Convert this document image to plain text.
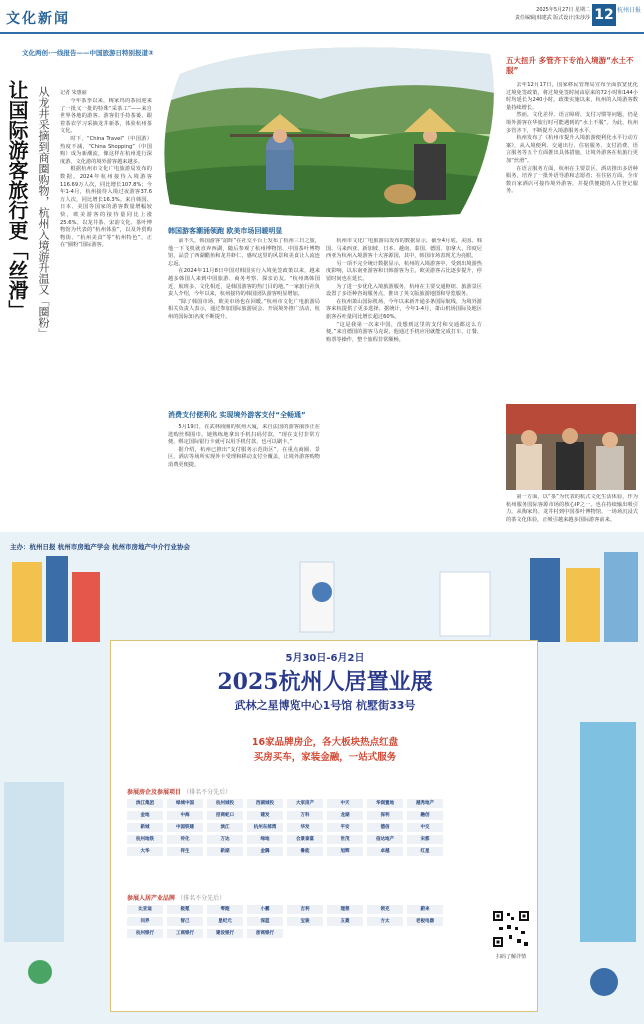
文化新闻
2025年5月27日 星期二
责任编辑|韩建武 版式设计|朱莎莎 12 杭州日报
文化两创·一线报告——中国旅游日特别报道③
让国际游客旅行更「丝滑」 从龙井采摘到商圈购物，杭州入境游升温又「圈粉」 记者 朱惠丽

今年茶季以来，梅家坞的茶园迎来了一批又一批的特殊“采茶工”——来自世界各地的游客。游客们手持茶篓，跟着茶农学习采摘龙井新茶，体验杭州茶文化。

时下，“China Travel”（中国游）热度不减，“China Shopping”（中国购）成为新潮流，像这样在杭州进行深度游、文化游的境外游客越来越多。

根据杭州市文化广电旅游局发布的数据，2024年杭州接待入境游客116.69万人次，同比增长107.8%；今年1-4月，杭州接待入境过夜游客37.6万人次，同比增长16.3%。来自韩国、日本、美国等国家的游客数量增幅较快，欧美游客的接待量同比上涨25.6%。以龙井茶、宋韵文化、茶叶博物馆为代表的“杭州体验”，以及外贸购物街、“杭州美食”等“杭州特色”，正在“圈粉”国际游客。

韩国游客潮涌领跑 欧美市场回暖明显

前不久，韩国游客“韶晖”在社交平台上发布了杭州三日之旅，他一下飞机就直奔西湖，随后参观了杭州博物馆、中国茶叶博物馆，品尝了西湖醋鱼和龙井虾仁，感叹这里的风景和美食让人流连忘返。

在2024年11月8日中国对韩国实行入境免签政策以来，越来越多韩国人来到中国旅游、商务考察、探亲访友。“杭州离韩国近，航班多，文化相近，是韩国游客的热门目的地。”一家旅行社负责人介绍，今年以来，杭州接待的韩国团队游客明显增加。

“除了韩国市场，欧美市场也在回暖。”杭州市文化广电旅游局相关负责人表示，通过参加国际旅游展会、开展境外推广活动，杭州的国际知名度不断提升。

消费支付便利化 实现境外游客支付“全畅通”

5月19日，在武林商圈的杭州大厦，来自法国的游客丽莎正在选购丝绸围巾。她熟练地拿出手机扫码付款，“现在支付非常方便，绑定国际银行卡就可以用手机付款，也可以刷卡。”

据介绍，杭州已推出“支付服务示范街区”，在重点商圈、景区、酒店等场所实现外卡受理和移动支付全覆盖，让境外游客购物消费更便捷。

杭州市文化广电旅游局发布的数据显示，截至4月底，美国、韩国、马来西亚、新加坡、日本、越南、泰国、德国、加拿大、印度尼西亚为杭州入境游客十大客源国，其中，韩国市场表现尤为亮眼。

另一项不完全统计数据显示，杭州的入境游客中，受到出境游热度影响，以东南亚游客和日韩游客为主，欧美游客占比逐步提升，停留时间也在延长。

为了进一步优化入境旅游服务，杭州在主要交通枢纽、旅游景区设置了多语种咨询服务点，推出了英文版旅游地图和导览服务。

在杭州萧山国际机场，今年以来新开通多条国际航线，为境外游客来杭提供了更多选择。据统计，今年1-4月，萧山机场国际及地区旅客吞吐量同比增长超过60%。

“这是我第一次来中国，没想到这里的支付和交通都这么方便。”来自德国的游客马克说，他通过手机应用就能完成打车、订餐、购票等操作，整个旅程非常顺畅。

五大扭升 多管齐下专治入境游“水土不服”

去年12月17日，国家移民管理局宣布全面放宽优化过境免签政策，将过境免签时间由原来的72小时和144小时均延长为240小时。政策实施以来，杭州的入境游客数量持续增长。

然而，文化差异、语言障碍、支付习惯等问题，仍是境外游客在华旅行时可能遇到的“水土不服”。为此，杭州多管齐下，不断提升入境游服务水平。

杭州发布了《杭州市提升入境旅游便利化水平行动方案》，从入境便利、交通出行、住宿服务、支付消费、语言服务等五个方面推出具体措施，让境外游客在杭旅行更加“丝滑”。

在语言服务方面，杭州在主要景区、酒店推出多语种服务，培养了一批外语导游和志愿者；在住宿方面，全市数百家酒店可接待境外游客，并提供便捷的入住登记服务。

第一方面，以“茶”为代表的杭式文化生活体验，作为杭州服务国际客源市场的核心IP之一，也在持续输出吸引力。从梅家坞、龙井村到中国茶叶博物馆，一场场沉浸式的茶文化体验，正吸引越来越多国际游客前来。

主办：杭州日报 杭州市房地产学会 杭州市房地产中介行业协会
5月30日-6月2日
2025杭州人居置业展
武林之星博览中心1号馆 杭墅街33号
16家品牌房企，各大板块热点红盘
买房买车，家装金融，一站式服务
参展房企及参展项目 （排名不分先后）
滨江集团	绿城中国	杭州城投	西湖城投	大家房产	中天	华润置地	越秀地产
金地	中海	招商蛇口	建发	万科	龙湖	保利	融创
新城	中国铁建	滨江	杭州东部湾	华发	平安	德信	中交
杭州地铁	传化	万达	绿地	合景泰富	世茂	信达地产	宋都
大华	祥生	新湖	金隅	鲁能	旭辉	卓越	红星
参展人居产业品牌 （排名不分先后）
比亚迪	极氪	零跑	小鹏	吉利	理想	领克	蔚来
问界	智己	星纪元	深蓝	宝骏	五菱	方太	老板电器
杭州银行	工商银行	建设银行	浙商银行
扫码了解详情
